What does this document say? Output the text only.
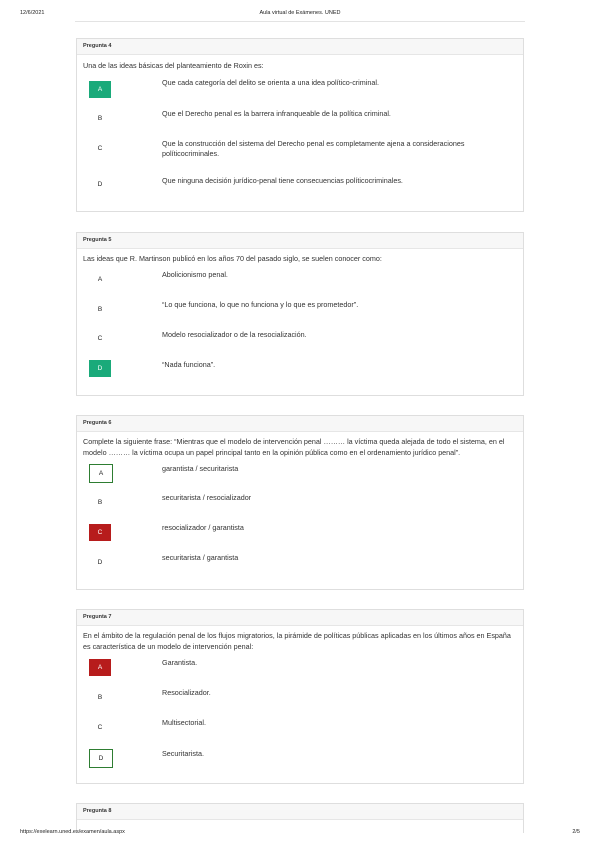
12/6/2021	Aula virtual de Exámenes. UNED
Pregunta 4
Una de las ideas básicas del planteamiento de Roxin es:
A
Que cada categoría del delito se orienta a una idea político-criminal.
B
Que el Derecho penal es la barrera infranqueable de la política criminal.
C
Que la construcción del sistema del Derecho penal es completamente ajena a consideraciones políticocriminales.
D	Que ninguna decisión jurídico-penal tiene consecuencias políticocriminales.
Pregunta 5
Las ideas que R. Martinson publicó en los años 70 del pasado siglo, se suelen conocer como:
A
Abolicionismo penal.
B
“Lo que funciona, lo que no funciona y lo que es prometedor”.
C	Modelo resocializador o de la resocialización.
D	“Nada funciona”.
Pregunta 6
Complete la siguiente frase: “Mientras que el modelo de intervención penal ……… la víctima queda alejada de todo el sistema, en el modelo ……… la víctima ocupa un papel principal tanto en la opinión pública como en el ordenamiento jurídico penal”.
A
garantista / securitarista
B
securitarista / resocializador
C
resocializador / garantista
D
securitarista / garantista
Pregunta 7
En el ámbito de la regulación penal de los flujos migratorios, la pirámide de políticas públicas aplicadas en los últimos años en España es característica de un modelo de intervención penal:
A
Garantista.
B
Resocializador.
C
Multisectorial.
D
Securitarista.
Pregunta 8
https://exelearn.uned.es/examen/aula.aspx	2/5
